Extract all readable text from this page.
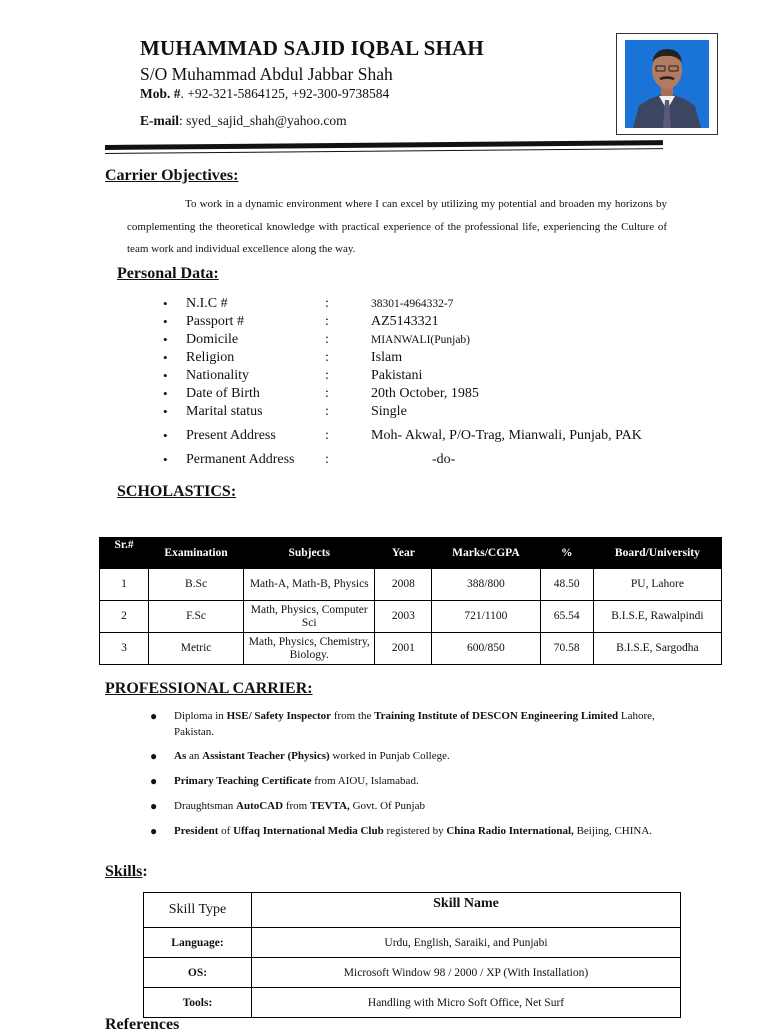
MUHAMMAD SAJID IQBAL SHAH
S/O Muhammad Abdul Jabbar Shah
Mob. #. +92-321-5864125, +92-300-9738584
E-mail: syed_sajid_shah@yahoo.com
Carrier Objectives:
To work in a dynamic environment where I can excel by utilizing my potential and broaden my horizons by complementing the theoretical knowledge with practical experience of the professional life, experiencing the Culture of team work and individual excellence along the way.
Personal Data:
• N.I.C #	:	38301-4964332-7
• Passport #	:	AZ5143321
• Domicile	:	MIANWALI(Punjab)
• Religion	:	Islam
• Nationality	:	Pakistani
• Date of Birth	:	20th October, 1985
• Marital status	:	Single
• Present Address	:	Moh- Akwal, P/O-Trag, Mianwali, Punjab, PAK
• Permanent Address :	-do-
SCHOLASTICS:
Sr.#	Examination	Subjects	Year	Marks/CGPA	%	Board/University
1	B.Sc	Math-A, Math-B, Physics	2008	388/800	48.50	PU, Lahore
2	F.Sc	Math, Physics, Computer Sci	2003	721/1100	65.54	B.I.S.E, Rawalpindi
3	Metric	Math, Physics, Chemistry, Biology.	2001	600/850	70.58	B.I.S.E, Sargodha
PROFESSIONAL CARRIER:
● Diploma in HSE/ Safety Inspector from the Training Institute of DESCON Engineering Limited Lahore, Pakistan.
● As an Assistant Teacher (Physics) worked in Punjab College.
● Primary Teaching Certificate from AIOU, Islamabad.
● Draughtsman AutoCAD from TEVTA, Govt. Of Punjab
● President of Uffaq International Media Club registered by China Radio International, Beijing, CHINA.
Skills:
Skill Type	Skill Name
Language:	Urdu, English, Saraiki, and Punjabi
OS:	Microsoft Window 98 / 2000 / XP (With Installation)
Tools:	Handling with Micro Soft Office, Net Surf
References
